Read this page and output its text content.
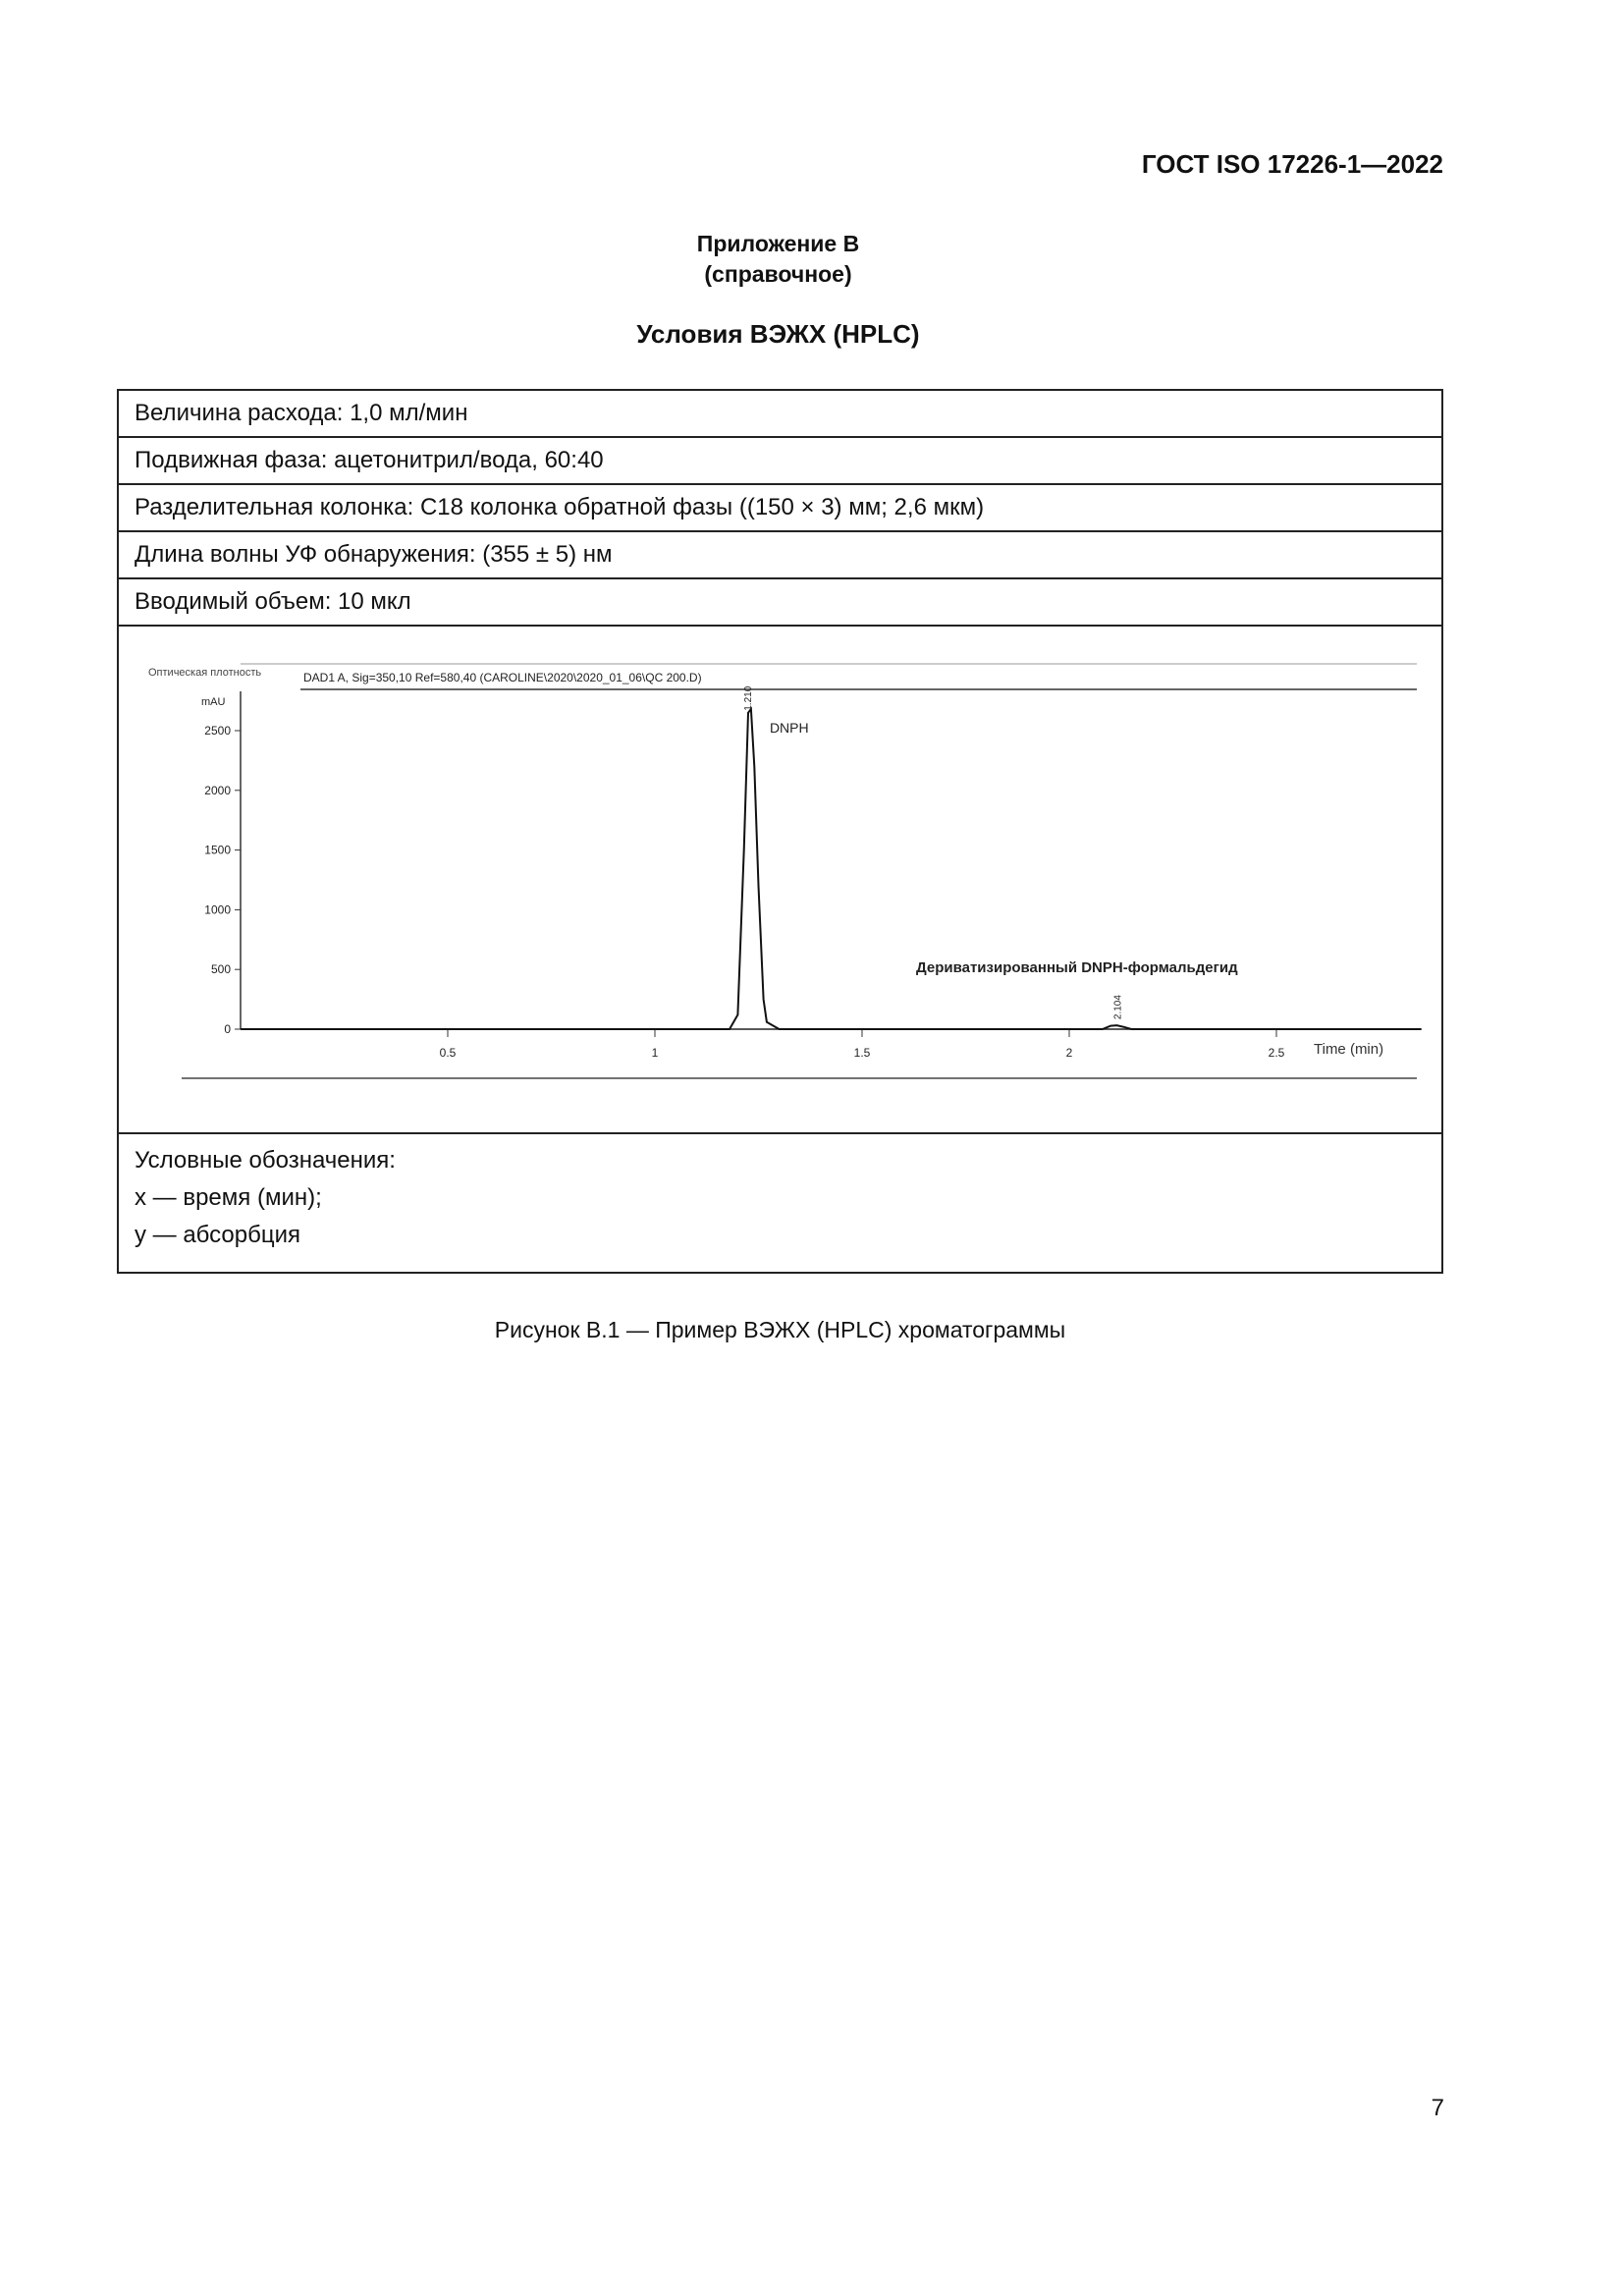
ГОСТ ISO 17226-1—2022
Приложение В
(справочное)
Условия ВЭЖХ (HPLC)
Величина расхода: 1,0 мл/мин
Подвижная фаза: ацетонитрил/вода, 60:40
Разделительная колонка: С18 колонка обратной фазы ((150 × 3) мм; 2,6 мкм)
Длина волны УФ обнаружения: (355 ± 5) нм
Вводимый объем: 10 мкл

Оптическая плотность	DAD1 A, Sig=350,10 Ref=580,40 (CAROLINE\2020\2020_01_06\QC 200.D)
mAU
Time (min)
0
500
1000
1500
2000
2500
0.5	1	1.5	2	2.5
1.210
DNPH
2.104
Дериватизированный DNPH-формальдегид

Условные обозначения:
х — время (мин);
у — абсорбция
Рисунок В.1 — Пример ВЭЖХ (HPLC) хроматограммы
7
